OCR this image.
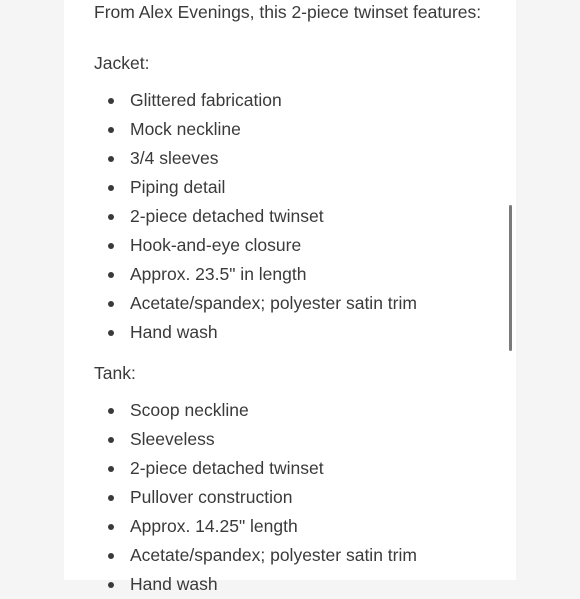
From Alex Evenings, this 2-piece twinset features:
Jacket:
Glittered fabrication
Mock neckline
3/4 sleeves
Piping detail
2-piece detached twinset
Hook-and-eye closure
Approx. 23.5" in length
Acetate/spandex; polyester satin trim
Hand wash
Tank:
Scoop neckline
Sleeveless
2-piece detached twinset
Pullover construction
Approx. 14.25" length
Acetate/spandex; polyester satin trim
Hand wash
